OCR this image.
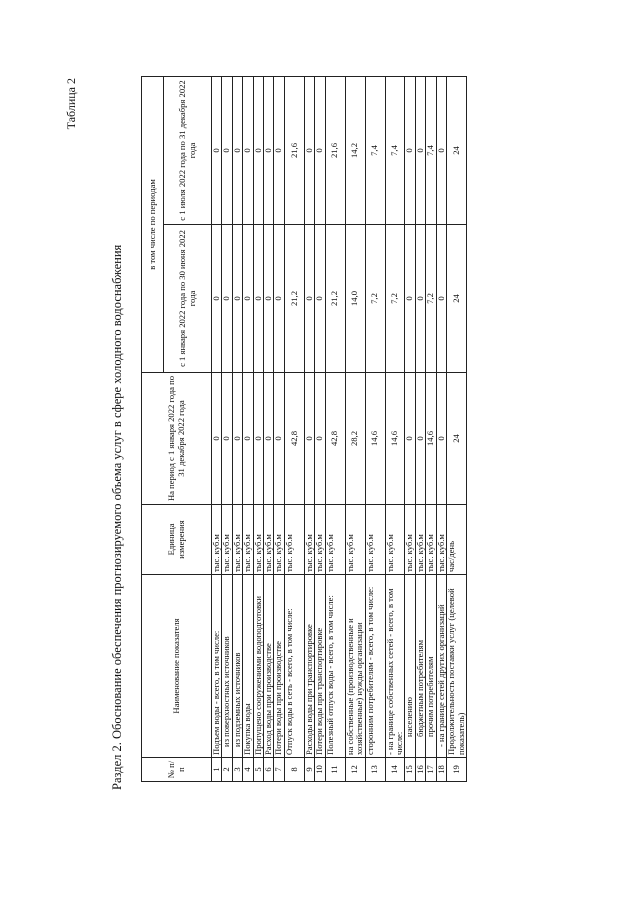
Раздел 2. Обоснование обеспечения прогнозируемого объема услуг в сфере холодного водоснабжения
Таблица 2
№ п/п	Наименование показателя	Единица измерения	На период с 1 января 2022 года по 31 декабря 2022 года	в том числе по периодам	
				с 1 января 2022 года по 30 июня 2022 года	с 1 июля 2022 года по 31 декабря 2022 года
1	Подъем воды - всего, в том числе:	тыс. куб.м	0	0	0
2	из поверхностных источников	тыс. куб.м	0	0	0
3	из подземных источников	тыс. куб.м	0	0	0
4	Покупка воды	тыс. куб.м	0	0	0
5	Пропущено сооружениями водоподготовки	тыс. куб.м	0	0	0
6	Расход воды при производстве	тыс. куб.м	0	0	0
7	Потери воды при производстве	тыс. куб.м	0	0	0
8	Отпуск воды в сеть - всего, в том числе:	тыс. куб.м	42,8	21,2	21,6
9	Расходы воды при транспортировке	тыс. куб.м	0	0	0
10	Потери воды при транспортировке	тыс. куб.м	0	0	0
11	Полезный отпуск воды - всего, в том числе:	тыс. куб.м	42,8	21,2	21,6
12	на собственные (производственные и хозяйственные) нужды организации	тыс. куб.м	28,2	14,0	14,2
13	сторонним потребителям - всего, в том числе:	тыс. куб.м	14,6	7,2	7,4
14	- на границе собственных сетей - всего, в том числе:	тыс. куб.м	14,6	7,2	7,4
15	населению	тыс. куб.м	0	0	0
16	бюджетным потребителям	тыс. куб.м	0	0	0
17	прочим потребителям	тыс. куб.м	14,6	7,2	7,4
18	- на границе сетей других организаций	тыс. куб.м	0	0	0
19	Продолжительность поставки услуг (целевой показатель)	час/день	24	24	24
